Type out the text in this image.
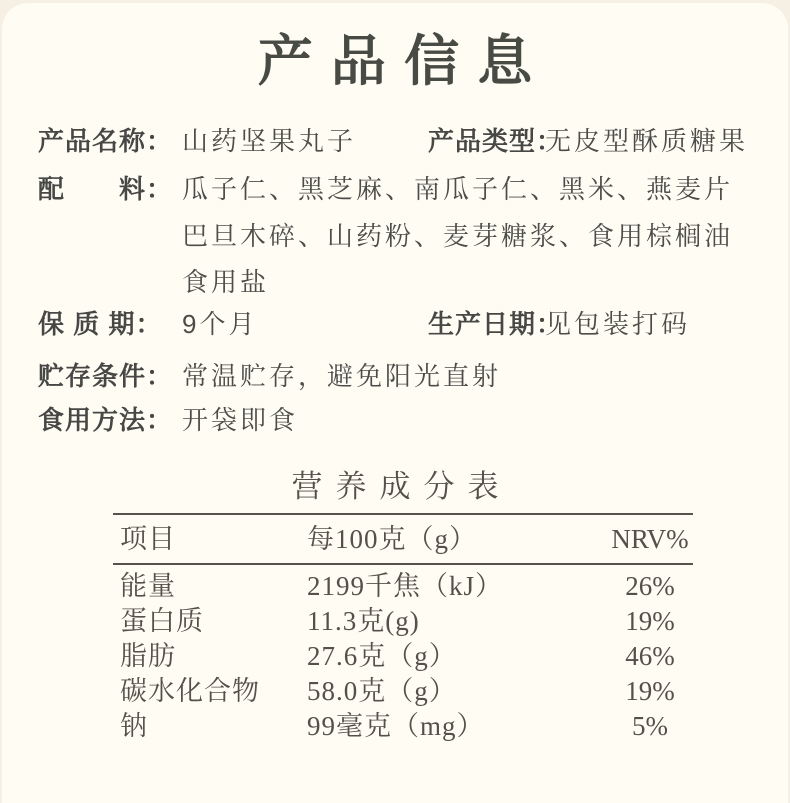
产品信息
产品名称： 山药坚果丸子	产品类型：
无皮型酥质糖果
配　　料： 瓜子仁、黑芝麻、南瓜子仁、黑米、燕麦片
巴旦木碎、山药粉、麦芽糖浆、食用棕榈油
食用盐
保 质 期： 9个月	生产日期：
见包装打码
贮存条件： 常温贮存，避免阳光直射
食用方法： 开袋即食
营养成分表
项目	每100克（g）	NRV%
能量	2199千焦（kJ）	26%
蛋白质	11.3克(g)	19%
脂肪	27.6克（g）	46%
碳水化合物 58.0克（g）	19%
钠	99毫克（mg）	5%
